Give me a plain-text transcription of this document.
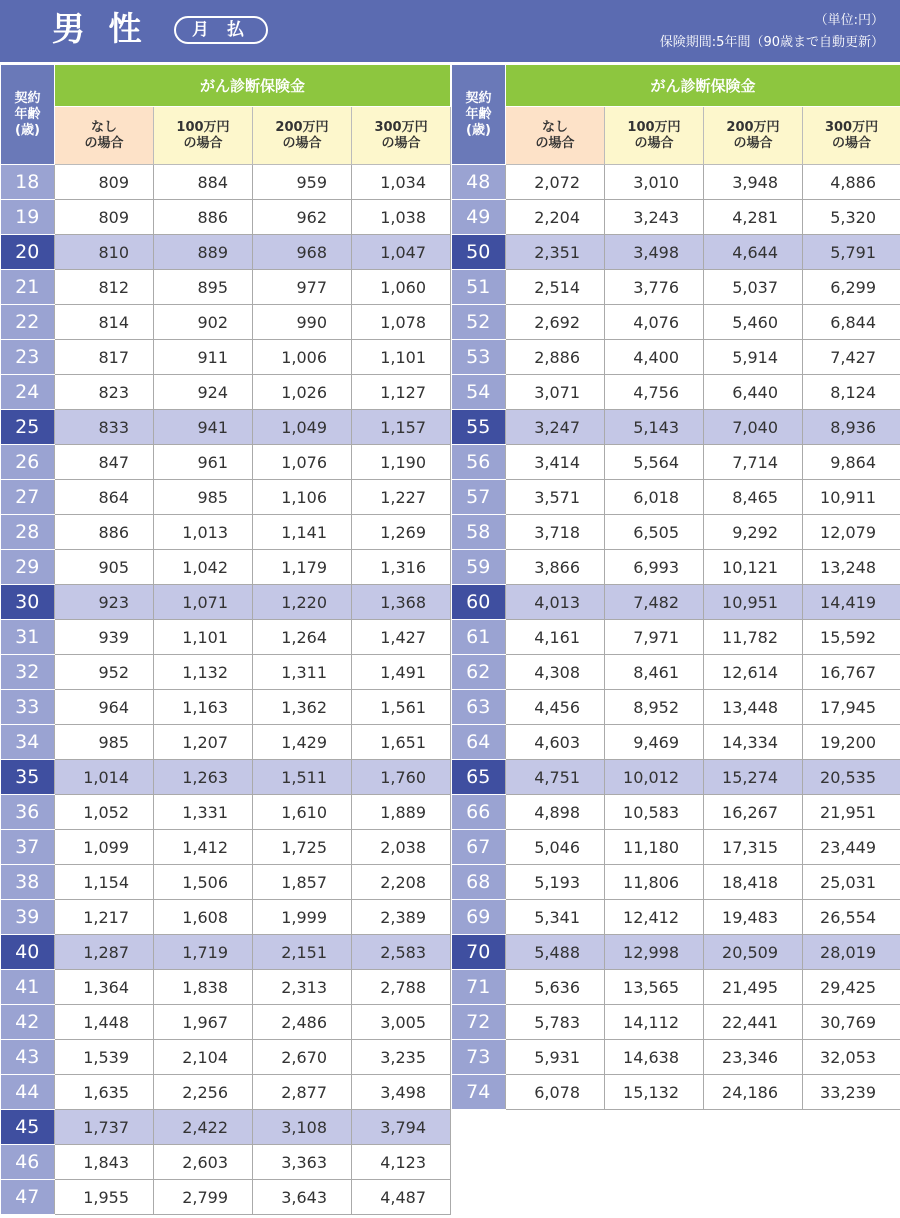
男 性	月 払	（単位:円）
保険期間:5年間（90歳まで自動更新）
契約
年齢
(歳)	がん診断保険金			
	なし
の場合	100万円
の場合	200万円
の場合	300万円
の場合
18	809	884	959	1,034
19	809	886	962	1,038
20	810	889	968	1,047
21	812	895	977	1,060
22	814	902	990	1,078
23	817	911	1,006	1,101
24	823	924	1,026	1,127
25	833	941	1,049	1,157
26	847	961	1,076	1,190
27	864	985	1,106	1,227
28	886	1,013	1,141	1,269
29	905	1,042	1,179	1,316
30	923	1,071	1,220	1,368
31	939	1,101	1,264	1,427
32	952	1,132	1,311	1,491
33	964	1,163	1,362	1,561
34	985	1,207	1,429	1,651
35	1,014	1,263	1,511	1,760
36	1,052	1,331	1,610	1,889
37	1,099	1,412	1,725	2,038
38	1,154	1,506	1,857	2,208
39	1,217	1,608	1,999	2,389
40	1,287	1,719	2,151	2,583
41	1,364	1,838	2,313	2,788
42	1,448	1,967	2,486	3,005
43	1,539	2,104	2,670	3,235
44	1,635	2,256	2,877	3,498
45	1,737	2,422	3,108	3,794
46	1,843	2,603	3,363	4,123
47	1,955	2,799	3,643	4,487
契約
年齢
(歳)	がん診断保険金			
	なし
の場合	100万円
の場合	200万円
の場合	300万円
の場合
48	2,072	3,010	3,948	4,886
49	2,204	3,243	4,281	5,320
50	2,351	3,498	4,644	5,791
51	2,514	3,776	5,037	6,299
52	2,692	4,076	5,460	6,844
53	2,886	4,400	5,914	7,427
54	3,071	4,756	6,440	8,124
55	3,247	5,143	7,040	8,936
56	3,414	5,564	7,714	9,864
57	3,571	6,018	8,465	10,911
58	3,718	6,505	9,292	12,079
59	3,866	6,993	10,121	13,248
60	4,013	7,482	10,951	14,419
61	4,161	7,971	11,782	15,592
62	4,308	8,461	12,614	16,767
63	4,456	8,952	13,448	17,945
64	4,603	9,469	14,334	19,200
65	4,751	10,012	15,274	20,535
66	4,898	10,583	16,267	21,951
67	5,046	11,180	17,315	23,449
68	5,193	11,806	18,418	25,031
69	5,341	12,412	19,483	26,554
70	5,488	12,998	20,509	28,019
71	5,636	13,565	21,495	29,425
72	5,783	14,112	22,441	30,769
73	5,931	14,638	23,346	32,053
74	6,078	15,132	24,186	33,239
